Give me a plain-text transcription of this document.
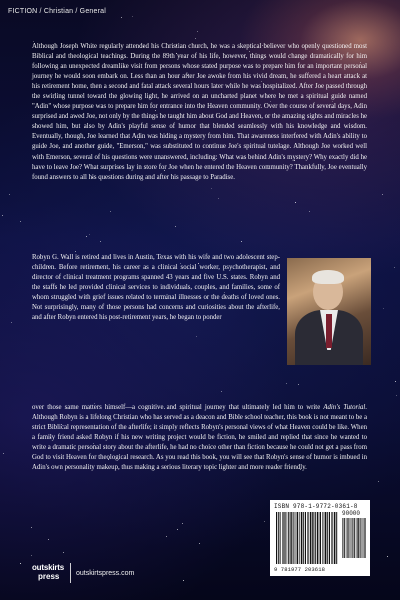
FICTION / Christian / General

Although Joseph White regularly attended his Christian church, he was a skeptical believer who openly questioned most Biblical and theological teachings. During the 89th year of his life, however, things would change dramatically for him following an unexpected dreamlike visit from persons whose stated purpose was to prepare him for an important personal journey he would soon embark on. Less than an hour after Joe awoke from his vivid dream, he suffered a heart attack at his retirement home, then a second and fatal attack several hours later while he was hospitalized. After Joe passed through the swirling tunnel toward the glowing light, he arrived on an uncharted planet where he met a spiritual guide named "Adin" whose purpose was to prepare him for entrance into the Heaven community. Over the course of several days, Adin surprised and awed Joe, not only by the things he taught him about God and Heaven, or the amazing sights and miracles he showed him, but also by Adin's playful sense of humor that blended seamlessly with his knowledge and wisdom. Eventually, though, Joe learned that Adin was hiding a mystery from him. That awareness interfered with Adin's ability to guide Joe, and another guide, "Emerson," was substituted to continue Joe's spiritual tutelage. Although Joe worked well with Emerson, several of his questions were unanswered, including: What was behind Adin's mystery? Why exactly did he have to leave Joe? What surprises lay in store for Joe when he entered the Heaven community? Thankfully, Joe eventually found answers to all his questions during and after his passage to Paradise.

Robyn G. Wall is retired and lives in Austin, Texas with his wife and two adolescent step-children. Before retirement, his career as a clinical social worker, psychotherapist, and director of clinical treatment programs spanned 43 years and five U.S. states. Robyn and the staffs he led provided clinical services to individuals, couples, and families, some of whom struggled with grief issues related to terminal illnesses or the deaths of loved ones. Not surprisingly, many of those persons had concerns and curiosities about the afterlife, and after Robyn entered his post-retirement years, he began to ponder

over those same matters himself—a cognitive and spiritual journey that ultimately led him to write Adin's Tutorial. Although Robyn is a lifelong Christian who has served as a deacon and Bible school teacher, this book is not meant to be a strict Biblical representation of the afterlife; it simply reflects Robyn's personal views of what Heaven could be like. When a family friend asked Robyn if his new writing project would be fiction, he smiled and replied that since he wanted to write a dramatic personal story about the afterlife, he had no choice other than fiction because he could not get a pass from God to visit Heaven for theological research. As you read this book, you will see that Robyn's sense of humor is imbued in Adin's own personality makeup, thus making a serious literary topic lighter and more reader friendly.

ISBN 978-1-9772-0361-8
90000
9 781977 203618
outskirts
press	outskirtspress.com
